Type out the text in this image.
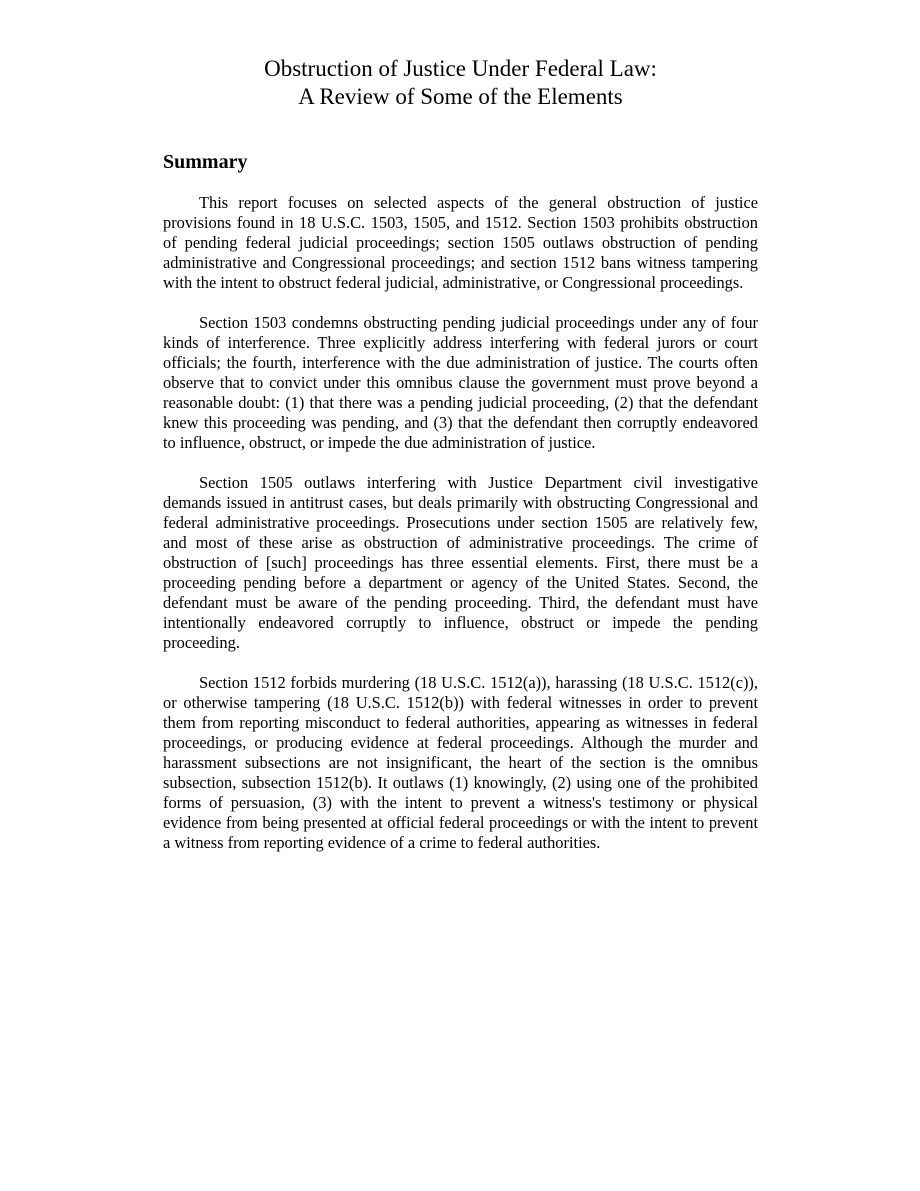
Obstruction of Justice Under Federal Law:
A Review of Some of the Elements
Summary

This report focuses on selected aspects of the general obstruction of justice provisions found in 18 U.S.C. 1503, 1505, and 1512. Section 1503 prohibits obstruction of pending federal judicial proceedings; section 1505 outlaws obstruction of pending administrative and Congressional proceedings; and section 1512 bans witness tampering with the intent to obstruct federal judicial, administrative, or Congressional proceedings.

Section 1503 condemns obstructing pending judicial proceedings under any of four kinds of interference. Three explicitly address interfering with federal jurors or court officials; the fourth, interference with the due administration of justice. The courts often observe that to convict under this omnibus clause the government must prove beyond a reasonable doubt: (1) that there was a pending judicial proceeding, (2) that the defendant knew this proceeding was pending, and (3) that the defendant then corruptly endeavored to influence, obstruct, or impede the due administration of justice.

Section 1505 outlaws interfering with Justice Department civil investigative demands issued in antitrust cases, but deals primarily with obstructing Congressional and federal administrative proceedings. Prosecutions under section 1505 are relatively few, and most of these arise as obstruction of administrative proceedings. The crime of obstruction of [such] proceedings has three essential elements. First, there must be a proceeding pending before a department or agency of the United States. Second, the defendant must be aware of the pending proceeding. Third, the defendant must have intentionally endeavored corruptly to influence, obstruct or impede the pending proceeding.

Section 1512 forbids murdering (18 U.S.C. 1512(a)), harassing (18 U.S.C. 1512(c)), or otherwise tampering (18 U.S.C. 1512(b)) with federal witnesses in order to prevent them from reporting misconduct to federal authorities, appearing as witnesses in federal proceedings, or producing evidence at federal proceedings. Although the murder and harassment subsections are not insignificant, the heart of the section is the omnibus subsection, subsection 1512(b). It outlaws (1) knowingly, (2) using one of the prohibited forms of persuasion, (3) with the intent to prevent a witness's testimony or physical evidence from being presented at official federal proceedings or with the intent to prevent a witness from reporting evidence of a crime to federal authorities.
